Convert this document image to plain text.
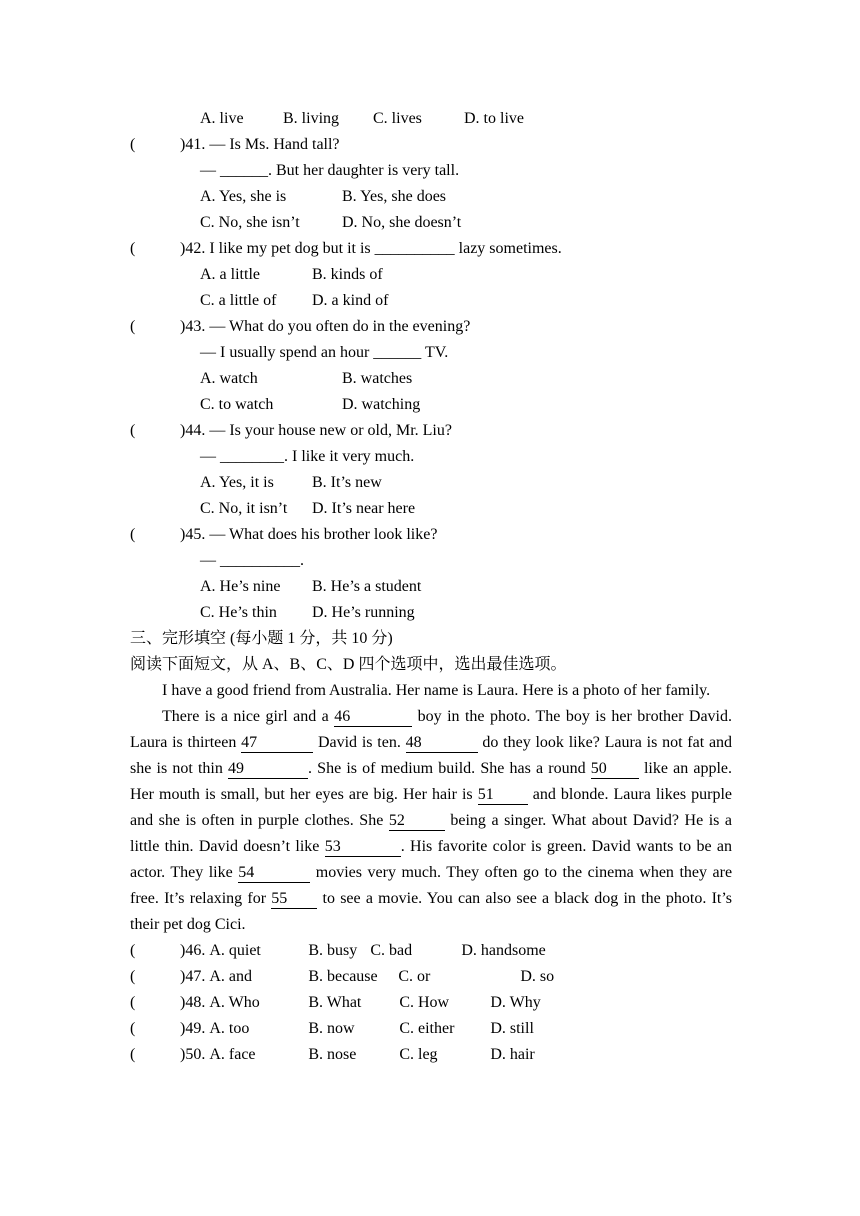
A. live B. living C. lives	D. to live
(	)41. — Is Ms. Hand tall?
— ______. But her daughter is very tall.
A. Yes, she is	B. Yes, she does
C. No, she isn’t	D. No, she doesn’t
(	)42. I like my pet dog but it is __________ lazy sometimes.
A. a little	B. kinds of
C. a little of D. a kind of
(	)43. — What do you often do in the evening?
— I usually spend an hour ______ TV.
A. watch	B. watches
C. to watch	D. watching
(	)44. — Is your house new or old, Mr. Liu?
— ________. I like it very much.
A. Yes, it is B. It’s new
C. No, it isn’t D. It’s near here
(	)45. — What does his brother look like?
— __________.
A. He’s nine B. He’s a student
C. He’s thin D. He’s running
三、完形填空 (每小题 1 分，共 10 分)
阅读下面短文，从 A、B、C、D 四个选项中，选出最佳选项。

I have a good friend from Australia. Her name is Laura. Here is a photo of her family.

There is a nice girl and a 46	boy in the photo. The boy is her brother David. Laura is thirteen 47	David is ten. 48	do they look like? Laura is not fat and she is not thin 49	. She is of medium build. She has a round 50 like an apple. Her mouth is small, but her eyes are big. Her hair is 51 and blonde. Laura likes purple and she is often in purple clothes. She 52	being a singer. What about David? He is a little thin. David doesn’t like 53	. His favorite color is green. David wants to be an actor. They like 54	movies very much. They often go to the cinema when they are free. It’s relaxing for 55 to see a movie. You can also see a black dog in the photo. It’s their pet dog Cici.

(	)46. A. quiet	B. busy C. bad	D. handsome
(	)47. A. and	B. because C. or	D. so
(	)48. A. Who	B. What C. How	D. Why
(	)49. A. too	B. now	C. either D. still
(	)50. A. face	B. nose	C. leg	D. hair
